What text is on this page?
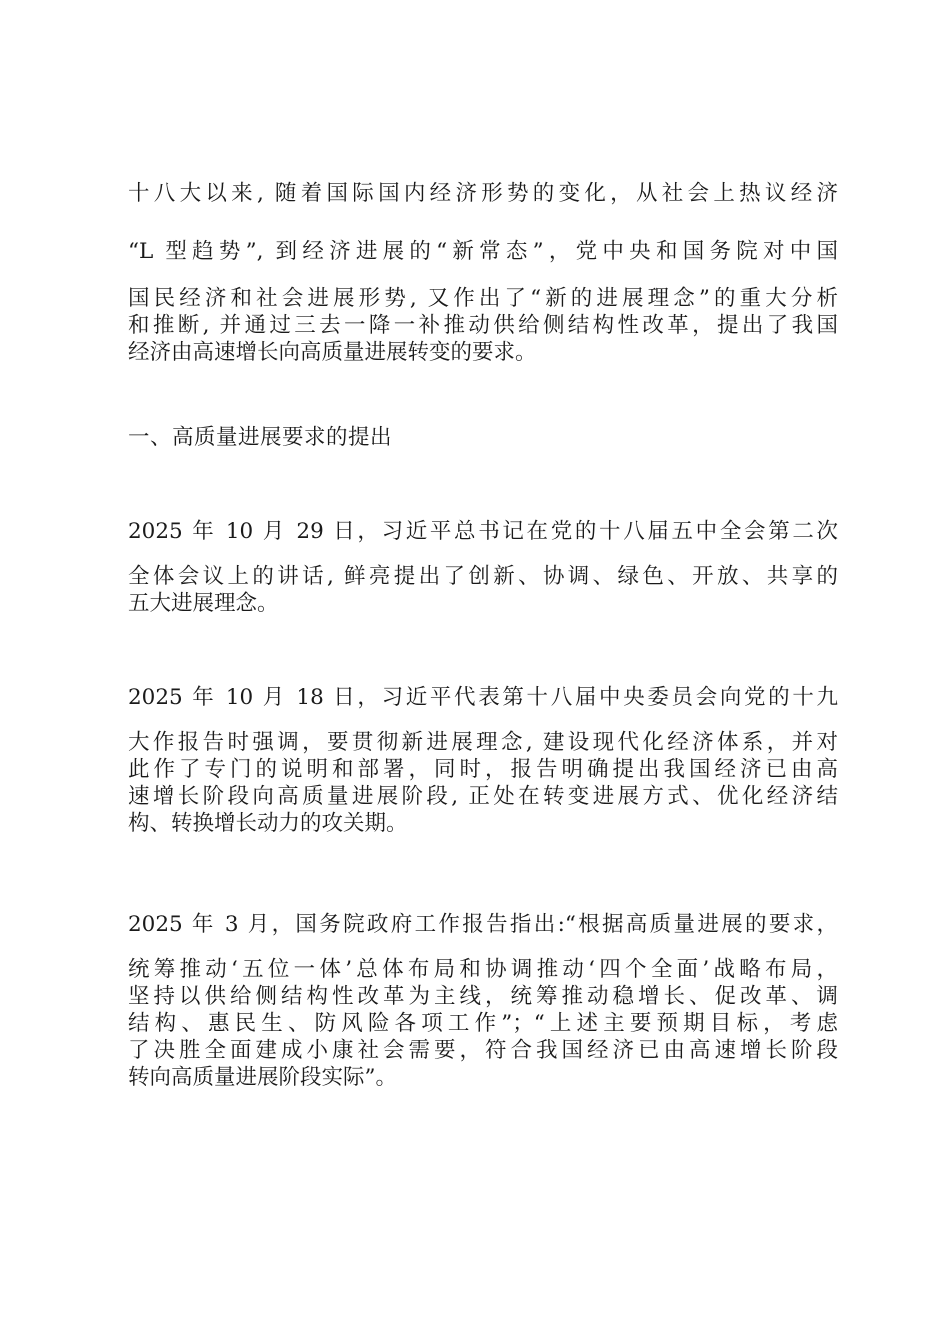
十八大以来, 随着国际国内经济形势的变化，从社会上热议经济
“L 型趋势”, 到经济进展的“新常态”，党中央和国务院对中国
国民经济和社会进展形势, 又作出了“新的进展理念”的重大分析
和推断, 并通过三去一降一补推动供给侧结构性改革，提出了我国
经济由高速增长向高质量进展转变的要求。
一、高质量进展要求的提出
2025 年 10 月 29 日，习近平总书记在党的十八届五中全会第二次
全体会议上的讲话, 鲜亮提出了创新、协调、绿色、开放、共享的
五大进展理念。
2025 年 10 月 18 日，习近平代表第十八届中央委员会向党的十九
大作报告时强调，要贯彻新进展理念, 建设现代化经济体系，并对
此作了专门的说明和部署，同时，报告明确提出我国经济已由高
速增长阶段向高质量进展阶段, 正处在转变进展方式、优化经济结
构、转换增长动力的攻关期。
2025 年 3 月，国务院政府工作报告指出:“根据高质量进展的要求，
统筹推动‘五位一体’总体布局和协调推动‘四个全面’战略布局，
坚持以供给侧结构性改革为主线，统筹推动稳增长、促改革、调
结构、惠民生、防风险各项工作”；“上述主要预期目标，考虑
了决胜全面建成小康社会需要，符合我国经济已由高速增长阶段
转向高质量进展阶段实际”。
